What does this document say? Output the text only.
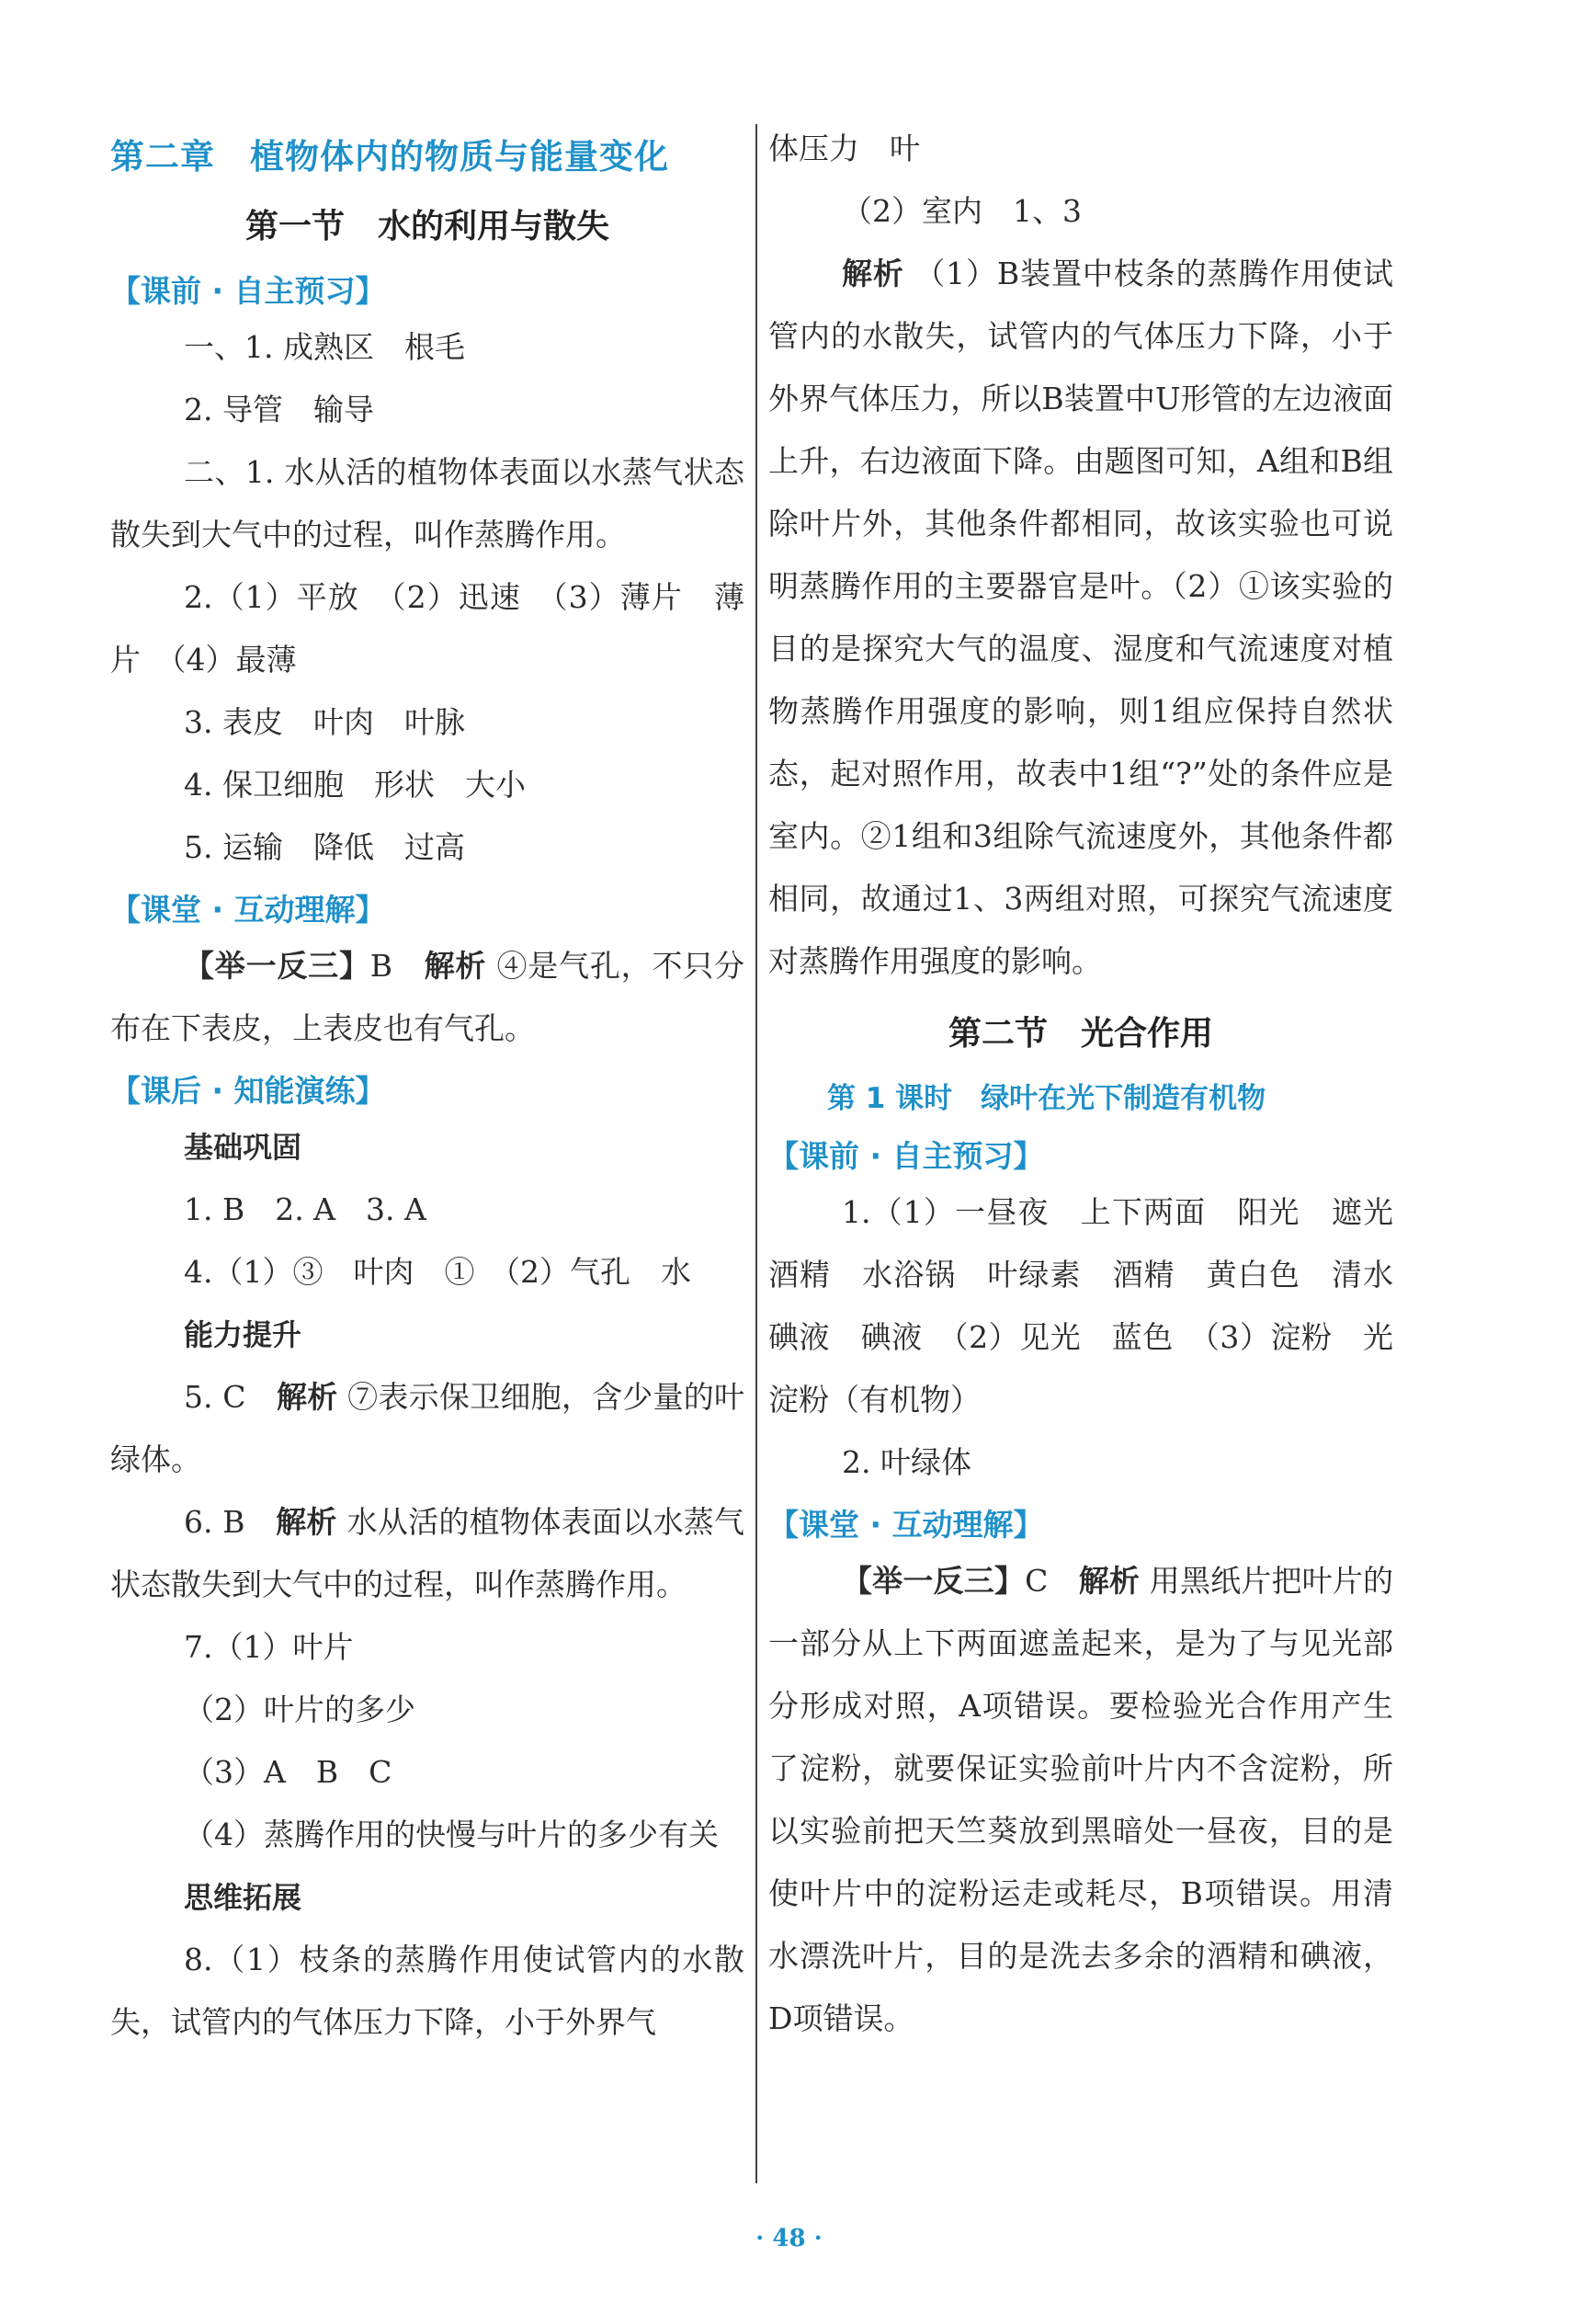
第二章　植物体内的物质与能量变化
第一节　水的利用与散失
【课前 · 自主预习】

一、1. 成熟区　根毛

2. 导管　输导

二、1. 水从活的植物体表面以水蒸气状态散失到大气中的过程，叫作蒸腾作用。

2.（1）平放　（2）迅速　（3）薄片　薄片　（4）最薄

3. 表皮　叶肉　叶脉

4. 保卫细胞　形状　大小

5. 运输　降低　过高

【课堂 · 互动理解】

【举一反三】B　 解析 ④是气孔，不只分布在下表皮，上表皮也有气孔。

【课后 · 知能演练】
基础巩固

1. B　2. A　3. A

4.（1）③　叶肉　①　（2）气孔　水

能力提升

5. C　 解析 ⑦表示保卫细胞，含少量的叶绿体。

6. B　 解析 水从活的植物体表面以水蒸气状态散失到大气中的过程，叫作蒸腾作用。

7.（1）叶片

（2）叶片的多少

（3）A　B　C

（4）蒸腾作用的快慢与叶片的多少有关

思维拓展

8.（1）枝条的蒸腾作用使试管内的水散失，试管内的气体压力下降，小于外界气

体压力　叶

（2）室内　1、3

解析 （1）B装置中枝条的蒸腾作用使试管内的水散失，试管内的气体压力下降，小于外界气体压力，所以B装置中U形管的左边液面上升，右边液面下降。由题图可知，A组和B组除叶片外，其他条件都相同，故该实验也可说明蒸腾作用的主要器官是叶。（2）①该实验的目的是探究大气的温度、湿度和气流速度对植物蒸腾作用强度的影响，则1组应保持自然状态，起对照作用，故表中1组“?”处的条件应是室内。②1组和3组除气流速度外，其他条件都相同，故通过1、3两组对照，可探究气流速度对蒸腾作用强度的影响。

第二节　光合作用
第 1 课时　绿叶在光下制造有机物
【课前 · 自主预习】

1.（1）一昼夜　上下两面　阳光　遮光　酒精　水浴锅　叶绿素　酒精　黄白色　清水　碘液　碘液　（2）见光　蓝色　（3）淀粉　光　淀粉（有机物）

2. 叶绿体

【课堂 · 互动理解】

【举一反三】C　 解析 用黑纸片把叶片的一部分从上下两面遮盖起来，是为了与见光部分形成对照，A项错误。要检验光合作用产生了淀粉，就要保证实验前叶片内不含淀粉，所以实验前把天竺葵放到黑暗处一昼夜，目的是使叶片中的淀粉运走或耗尽，B项错误。用清水漂洗叶片，目的是洗去多余的酒精和碘液，D项错误。

· 48 ·
